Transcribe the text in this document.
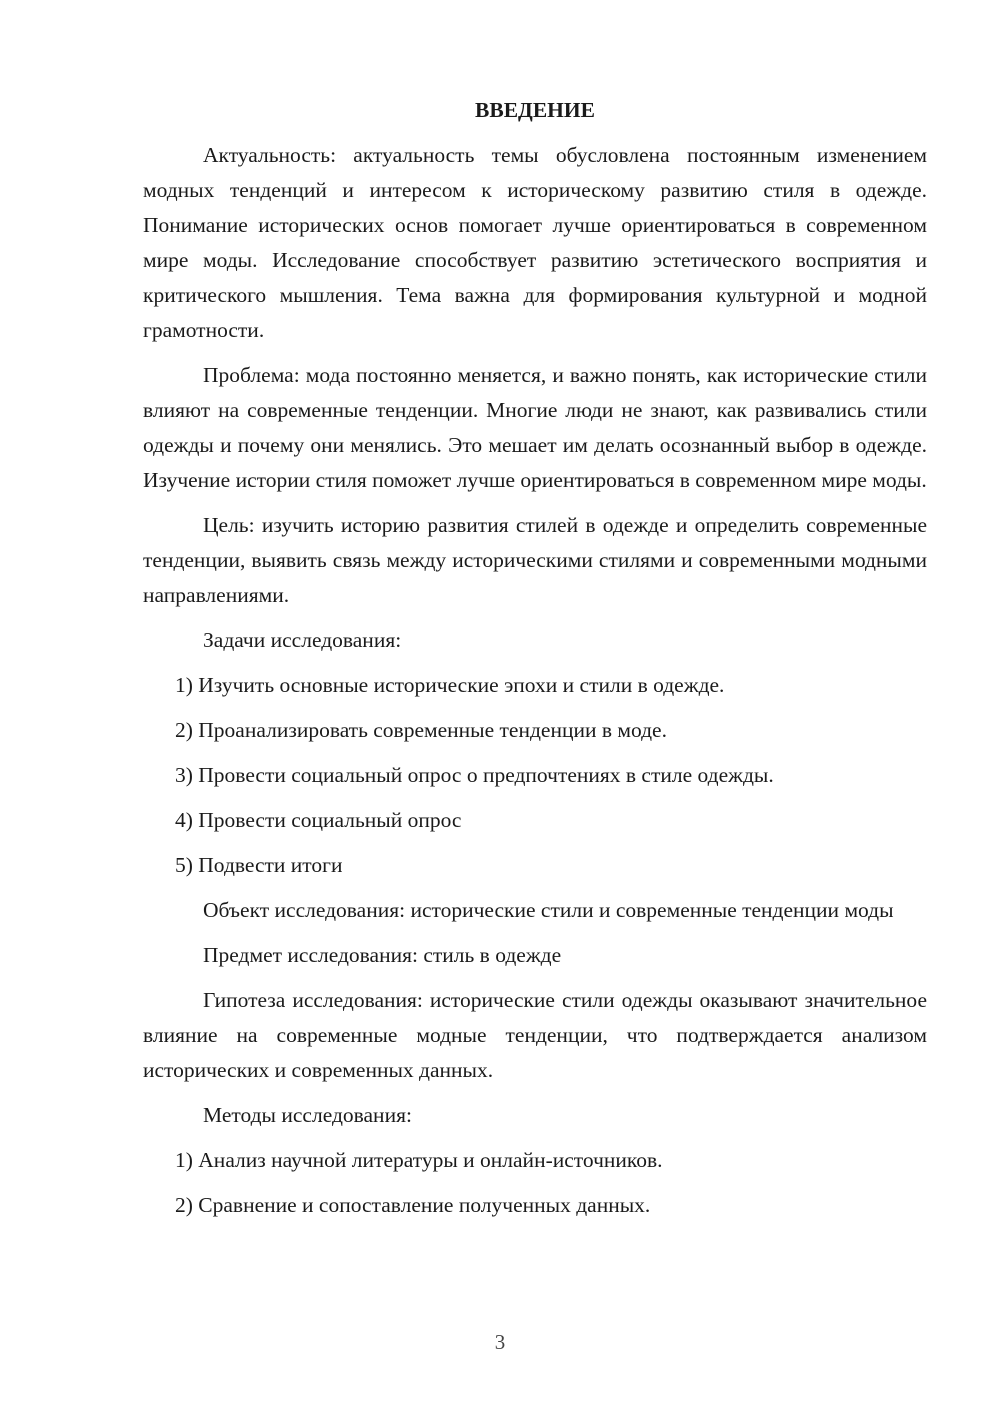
ВВЕДЕНИЕ

Актуальность: актуальность темы обусловлена постоянным изменением модных тенденций и интересом к историческому развитию стиля в одежде. Понимание исторических основ помогает лучше ориентироваться в современном мире моды. Исследование способствует развитию эстетического восприятия и критического мышления. Тема важна для формирования культурной и модной грамотности.

Проблема: мода постоянно меняется, и важно понять, как исторические стили влияют на современные тенденции. Многие люди не знают, как развивались стили одежды и почему они менялись. Это мешает им делать осознанный выбор в одежде. Изучение истории стиля поможет лучше ориентироваться в современном мире моды.

Цель: изучить историю развития стилей в одежде и определить современные тенденции, выявить связь между историческими стилями и современными модными направлениями.

Задачи исследования:

1) Изучить основные исторические эпохи и стили в одежде.
2) Проанализировать современные тенденции в моде.
3) Провести социальный опрос о предпочтениях в стиле одежды.
4) Провести социальный опрос
5) Подвести итоги

Объект исследования: исторические стили и современные тенденции моды

Предмет исследования: стиль в одежде

Гипотеза исследования: исторические стили одежды оказывают значительное влияние на современные модные тенденции, что подтверждается анализом исторических и современных данных.

Методы исследования:

1) Анализ научной литературы и онлайн-источников.
2) Сравнение и сопоставление полученных данных.
3
